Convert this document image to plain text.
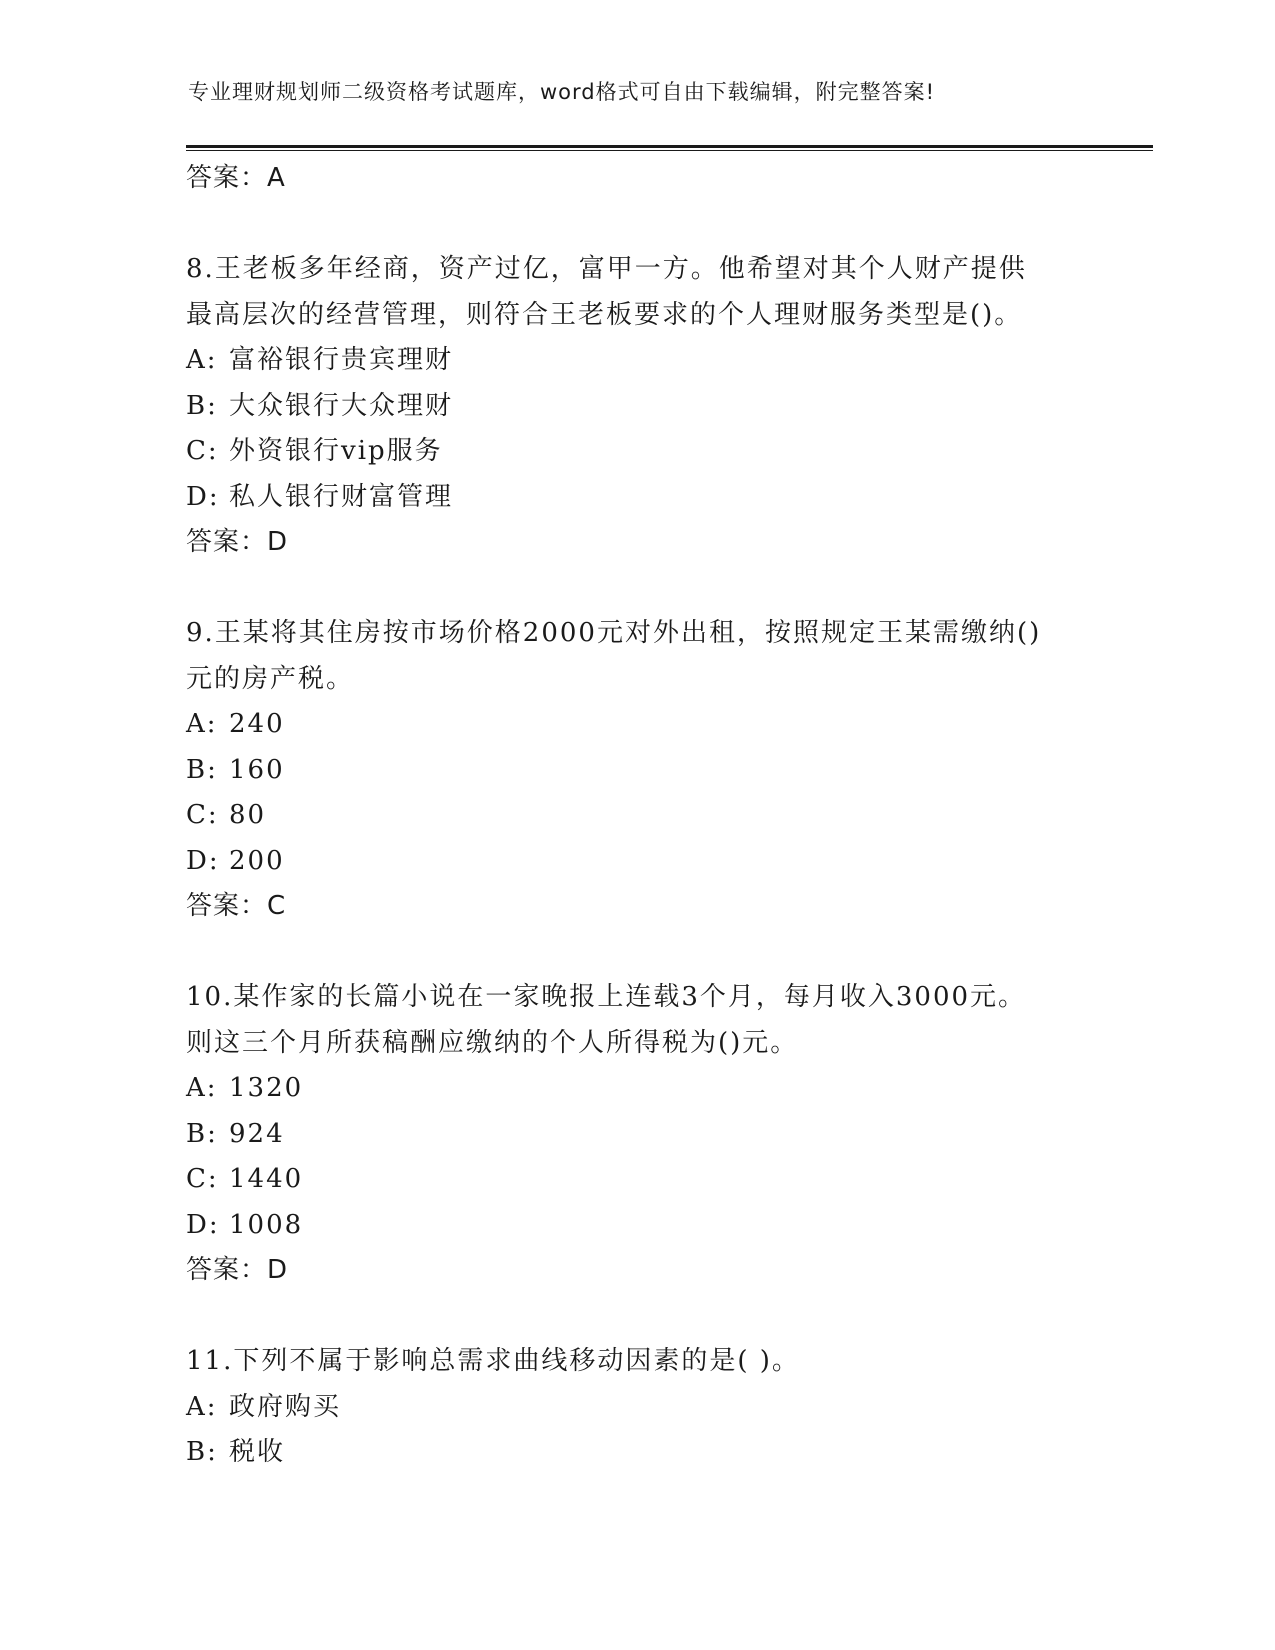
专业理财规划师二级资格考试题库，word格式可自由下载编辑，附完整答案!
答案：A
8.王老板多年经商，资产过亿，富甲一方。他希望对其个人财产提供
最高层次的经营管理，则符合王老板要求的个人理财服务类型是()。
A: 富裕银行贵宾理财
B: 大众银行大众理财
C: 外资银行vip服务
D: 私人银行财富管理
答案：D
9.王某将其住房按市场价格2000元对外出租，按照规定王某需缴纳()
元的房产税。
A: 240
B: 160
C: 80
D: 200
答案：C
10.某作家的长篇小说在一家晚报上连载3个月，每月收入3000元。
则这三个月所获稿酬应缴纳的个人所得税为()元。
A: 1320
B: 924
C: 1440
D: 1008
答案：D
11.下列不属于影响总需求曲线移动因素的是( )。
A: 政府购买
B: 税收
